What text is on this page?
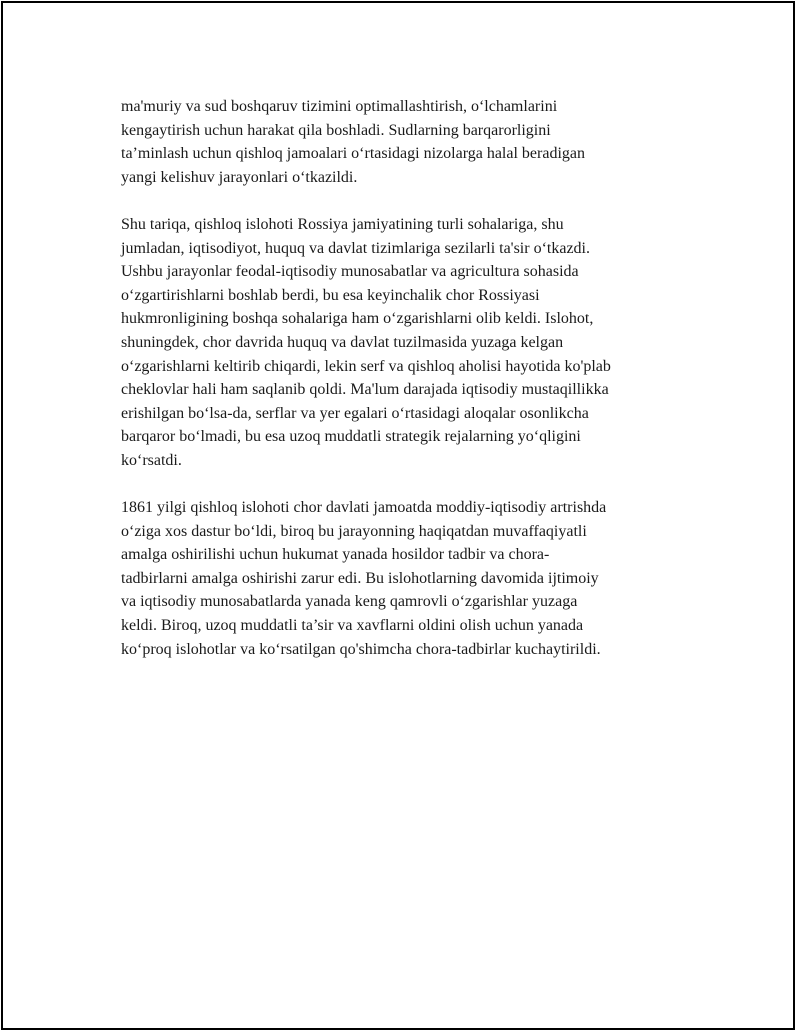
ma'muriy va sud boshqaruv tizimini optimallashtirish, o‘lchamlarini
kengaytirish uchun harakat qila boshladi. Sudlarning barqarorligini
ta’minlash uchun qishloq jamoalari o‘rtasidagi nizolarga halal beradigan
yangi kelishuv jarayonlari o‘tkazildi.

Shu tariqa, qishloq islohoti Rossiya jamiyatining turli sohalariga, shu
jumladan, iqtisodiyot, huquq va davlat tizimlariga sezilarli ta'sir o‘tkazdi.
Ushbu jarayonlar feodal-iqtisodiy munosabatlar va agricultura sohasida
o‘zgartirishlarni boshlab berdi, bu esa keyinchalik chor Rossiyasi
hukmronligining boshqa sohalariga ham o‘zgarishlarni olib keldi. Islohot,
shuningdek, chor davrida huquq va davlat tuzilmasida yuzaga kelgan
o‘zgarishlarni keltirib chiqardi, lekin serf va qishloq aholisi hayotida ko'plab
cheklovlar hali ham saqlanib qoldi. Ma'lum darajada iqtisodiy mustaqillikka
erishilgan bo‘lsa-da, serflar va yer egalari o‘rtasidagi aloqalar osonlikcha
barqaror bo‘lmadi, bu esa uzoq muddatli strategik rejalarning yo‘qligini
ko‘rsatdi.

1861 yilgi qishloq islohoti chor davlati jamoatda moddiy-iqtisodiy artrishda
o‘ziga xos dastur bo‘ldi, biroq bu jarayonning haqiqatdan muvaffaqiyatli
amalga oshirilishi uchun hukumat yanada hosildor tadbir va chora-
tadbirlarni amalga oshirishi zarur edi. Bu islohotlarning davomida ijtimoiy
va iqtisodiy munosabatlarda yanada keng qamrovli o‘zgarishlar yuzaga
keldi. Biroq, uzoq muddatli ta’sir va xavflarni oldini olish uchun yanada
ko‘proq islohotlar va ko‘rsatilgan qo'shimcha chora-tadbirlar kuchaytirildi.
